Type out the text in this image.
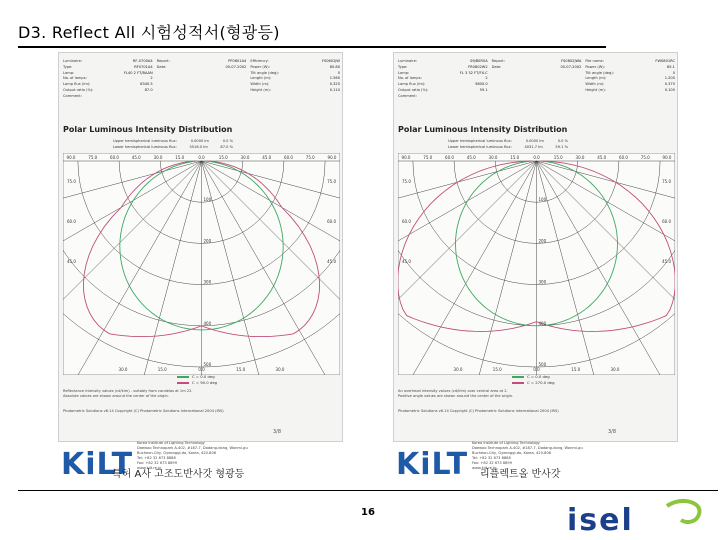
D3. Reflect All 시험성적서(형광등)
Luminaire:	RF-0700A4
Type:	RF0701A4
Lamp:	FL40 2 FT/BAAN
No. of lamps:	2
Lamp flux (lm):	6340.5
Output ratio (%):	87.0
Comment:
Report:	PF0601A4
Date:	05-07-2002
Efficiency:	FS0602JW
Power (W):	85.80
Tilt angle (deg):	0
Length (m):	1.560
Width (m):	0.325
Height (m):	0.110
Polar Luminous Intensity Distribution
Upper hemispherical luminous flux:	0.0000 lm	0.0 %
Lower hemispherical luminous flux:	5516.0 lm	87.0 %
90.0	75.0	60.0	45.0	30.0	15.0	0.0	15.0	30.0	45.0	60.0	75.0	90.0
75.0	75.0
60.0	60.0
45.0	45.0
30.0	15.0	0.0	15.0	30.0
100
200
300
400
500
C = 0.0 deg
C = 90.0 deg
Reflectance intensity values (cd/klm) - suitably from candelas at 1m 22.
Absolute values are shown around the center of the origin.
Photometric Solutions v6.14 Copyright (C) Photometric Solutions International 2004 (IRS)
KiLT
Korea Institute of Lighting Technology
Daewoo Technopark A-402, #187-7, Dodang-dong, Wonmi-gu
Bucheon-City, Gyeonggi-do, Korea, 420-806
Tel: +82 32 673 8888
Fax: +82 32 673 8899
www.kilt.re.kr
3/8
Luminaire:	S9JB0RSA
Type:	FR0802W2
Lamp:	FL 3 32 FT/FX-C
No. of lamps:	2
Lamp flux (lm):	5800.0
Output ratio (%):	59.1
Comment:
Report:	FS0802JWA
Date:	05-07-2002
File name:	FW0801RC
Power (W):	85.1
Tilt angle (deg):	0
Length (m):	1.205
Width (m):	0.375
Height (m):	0.105
Polar Luminous Intensity Distribution
Upper hemispherical luminous flux:	0.0000 lm	0.0 %
Lower hemispherical luminous flux:	4031.7 lm	59.1 %
90.0	75.0	60.0	45.0	30.0	15.0	0.0	15.0	30.0	45.0	60.0	75.0	90.0
75.0	75.0
60.0	60.0
45.0	45.0
30.0	15.0	0.0	15.0	30.0
100
200
300
400
500
C = 0.0 deg
C = 270.0 deg
An overhead intensity values (cd/klm) over central area at 2.
Positive angle values are shown around the center of the origin.
Photometric Solutions v6.14 Copyright (C) Photometric Solutions International 2004 (IRS)
KiLT
Korea Institute of Lighting Technology
Daewoo Technopark A-402, #187-7, Dodang-dong, Wonmi-gu
Bucheon-City, Gyeonggi-do, Korea, 420-806
Tel: +82 32 673 8888
Fax: +82 32 673 8899
www.kilt.re.kr
3/8
특허 A사 고조도반사갓 형광등	리플렉트올 반사갓
16	isel
